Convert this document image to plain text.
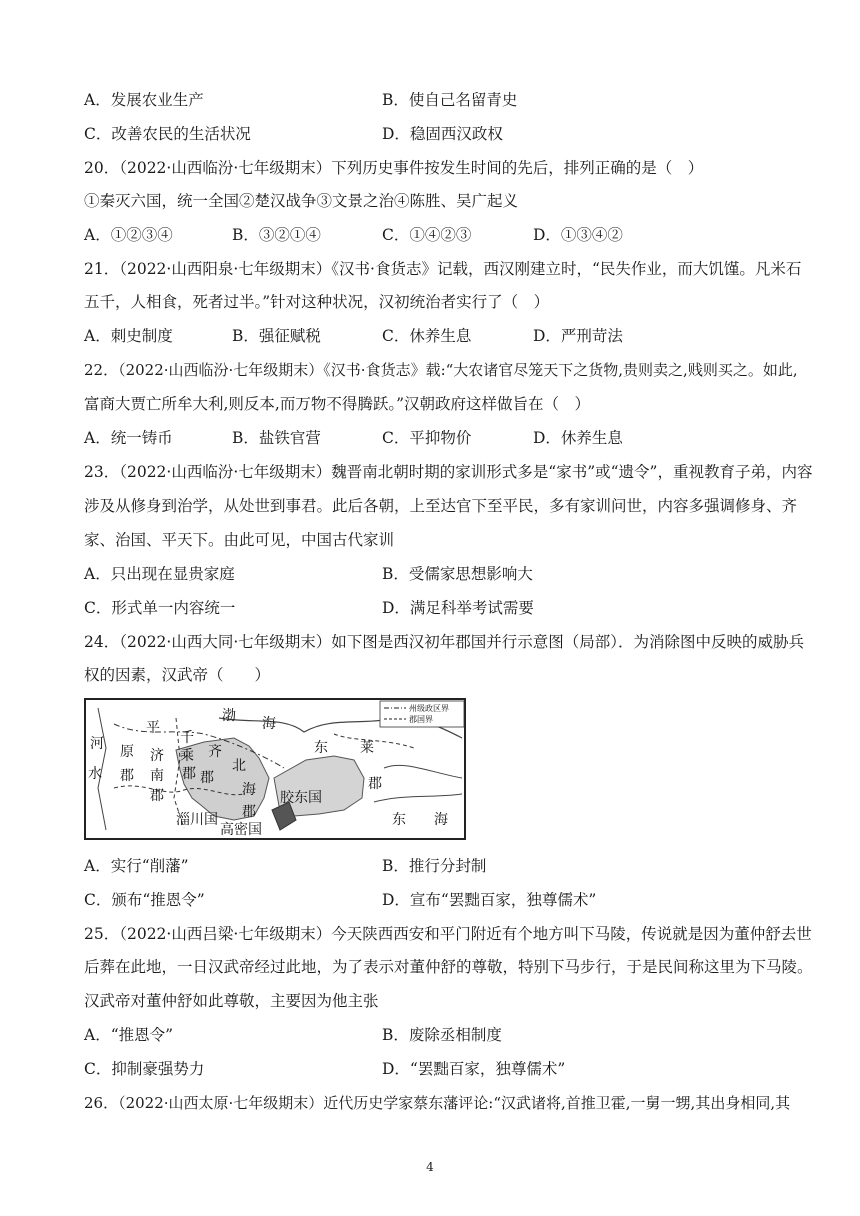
A．发展农业生产	B．使自己名留青史
C．改善农民的生活状况	D．稳固西汉政权
20．（2022·山西临汾·七年级期末）下列历史事件按发生时间的先后，排列正确的是（　）
①秦灭六国，统一全国②楚汉战争③文景之治④陈胜、吴广起义
A．①②③④	B．③②①④	C．①④②③	D．①③④②
21．（2022·山西阳泉·七年级期末）《汉书·食货志》记载，西汉刚建立时，“民失作业，而大饥馑。凡米石
五千，人相食，死者过半。”针对这种状况，汉初统治者实行了（　）
A．刺史制度	B．强征赋税	C．休养生息	D．严刑苛法
22．（2022·山西临汾·七年级期末）《汉书·食货志》载:“大农诸官尽笼天下之货物,贵则卖之,贱则买之。如此,
富商大贾亡所牟大利,则反本,而万物不得腾跃。”汉朝政府这样做旨在（　）
A．统一铸币	B．盐铁官营	C．平抑物价	D．休养生息
23．（2022·山西临汾·七年级期末）魏晋南北朝时期的家训形式多是“家书”或“遗令”，重视教育子弟，内容
涉及从修身到治学，从处世到事君。此后各朝，上至达官下至平民，多有家训问世，内容多强调修身、齐
家、治国、平天下。由此可见，中国古代家训
A．只出现在显贵家庭	B．受儒家思想影响大
C．形式单一内容统一	D．满足科举考试需要
24．（2022·山西大同·七年级期末）如下图是西汉初年郡国并行示意图（局部）．为消除图中反映的威胁兵
权的因素，汉武帝（　　）
州级政区界
郡国界
渤 海
东 莱
郡
千
乘
郡
平
原
郡
河
水
济
南
郡
齐
郡
北
海
郡
胶东国
东 海
淄川国
高密国
A．实行“削藩”	B．推行分封制
C．颁布“推恩令”	D．宣布“罢黜百家，独尊儒术”
25．（2022·山西吕梁·七年级期末）今天陕西西安和平门附近有个地方叫下马陵，传说就是因为董仲舒去世
后葬在此地，一日汉武帝经过此地，为了表示对董仲舒的尊敬，特别下马步行，于是民间称这里为下马陵。
汉武帝对董仲舒如此尊敬，主要因为他主张
A．“推恩令”	B．废除丞相制度
C．抑制豪强势力	D．“罢黜百家，独尊儒术”
26．（2022·山西太原·七年级期末）近代历史学家蔡东藩评论:“汉武诸将,首推卫霍,一舅一甥,其出身相同,其
4
